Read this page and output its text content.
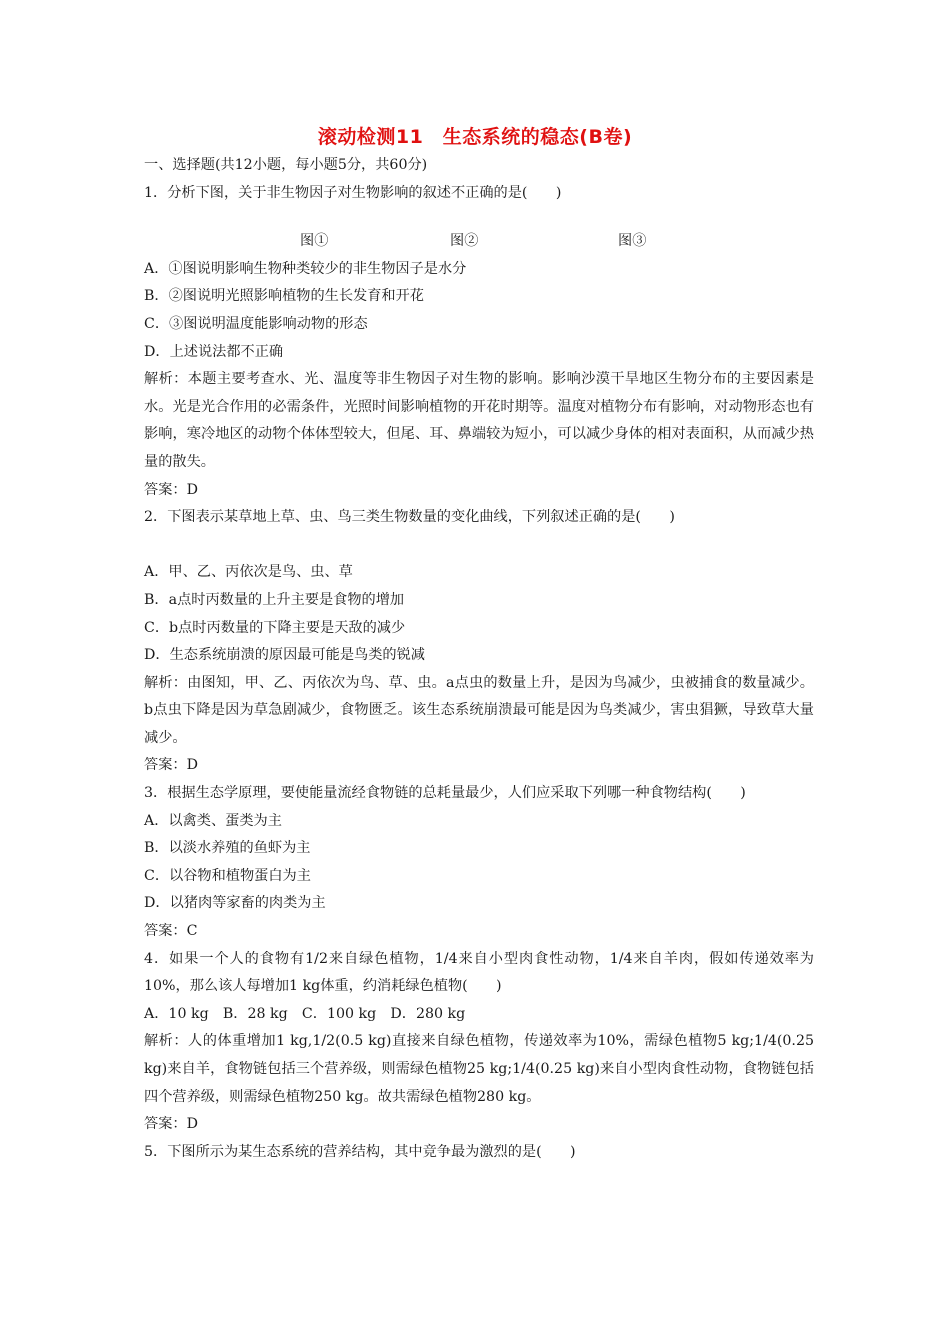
滚动检测11　生态系统的稳态(B卷)
一、选择题(共12小题，每小题5分，共60分)
1．分析下图，关于非生物因子对生物影响的叙述不正确的是(　　)
图①	图②	图③
A．①图说明影响生物种类较少的非生物因子是水分
B．②图说明光照影响植物的生长发育和开花
C．③图说明温度能影响动物的形态
D．上述说法都不正确
解析：本题主要考查水、光、温度等非生物因子对生物的影响。影响沙漠干旱地区生物分布的主要因素是水。光是光合作用的必需条件，光照时间影响植物的开花时期等。温度对植物分布有影响，对动物形态也有影响，寒冷地区的动物个体体型较大，但尾、耳、鼻端较为短小，可以减少身体的相对表面积，从而减少热量的散失。
答案：D
2．下图表示某草地上草、虫、鸟三类生物数量的变化曲线，下列叙述正确的是(　　)
A．甲、乙、丙依次是鸟、虫、草
B．a点时丙数量的上升主要是食物的增加
C．b点时丙数量的下降主要是天敌的减少
D．生态系统崩溃的原因最可能是鸟类的锐减
解析：由图知，甲、乙、丙依次为鸟、草、虫。a点虫的数量上升，是因为鸟减少，虫被捕食的数量减少。b点虫下降是因为草急剧减少，食物匮乏。该生态系统崩溃最可能是因为鸟类减少，害虫猖獗，导致草大量减少。
答案：D
3．根据生态学原理，要使能量流经食物链的总耗量最少，人们应采取下列哪一种食物结构(　　)
A．以禽类、蛋类为主
B．以淡水养殖的鱼虾为主
C．以谷物和植物蛋白为主
D．以猪肉等家畜的肉类为主
答案：C
4．如果一个人的食物有1/2来自绿色植物，1/4来自小型肉食性动物，1/4来自羊肉，假如传递效率为10%，那么该人每增加1 kg体重，约消耗绿色植物(　　)
A．10 kg　B．28 kg　C．100 kg　D．280 kg
解析：人的体重增加1 kg,1/2(0.5 kg)直接来自绿色植物，传递效率为10%，需绿色植物5 kg;1/4(0.25 kg)来自羊，食物链包括三个营养级，则需绿色植物25 kg;1/4(0.25 kg)来自小型肉食性动物，食物链包括四个营养级，则需绿色植物250 kg。故共需绿色植物280 kg。
答案：D
5．下图所示为某生态系统的营养结构，其中竞争最为激烈的是(　　)
